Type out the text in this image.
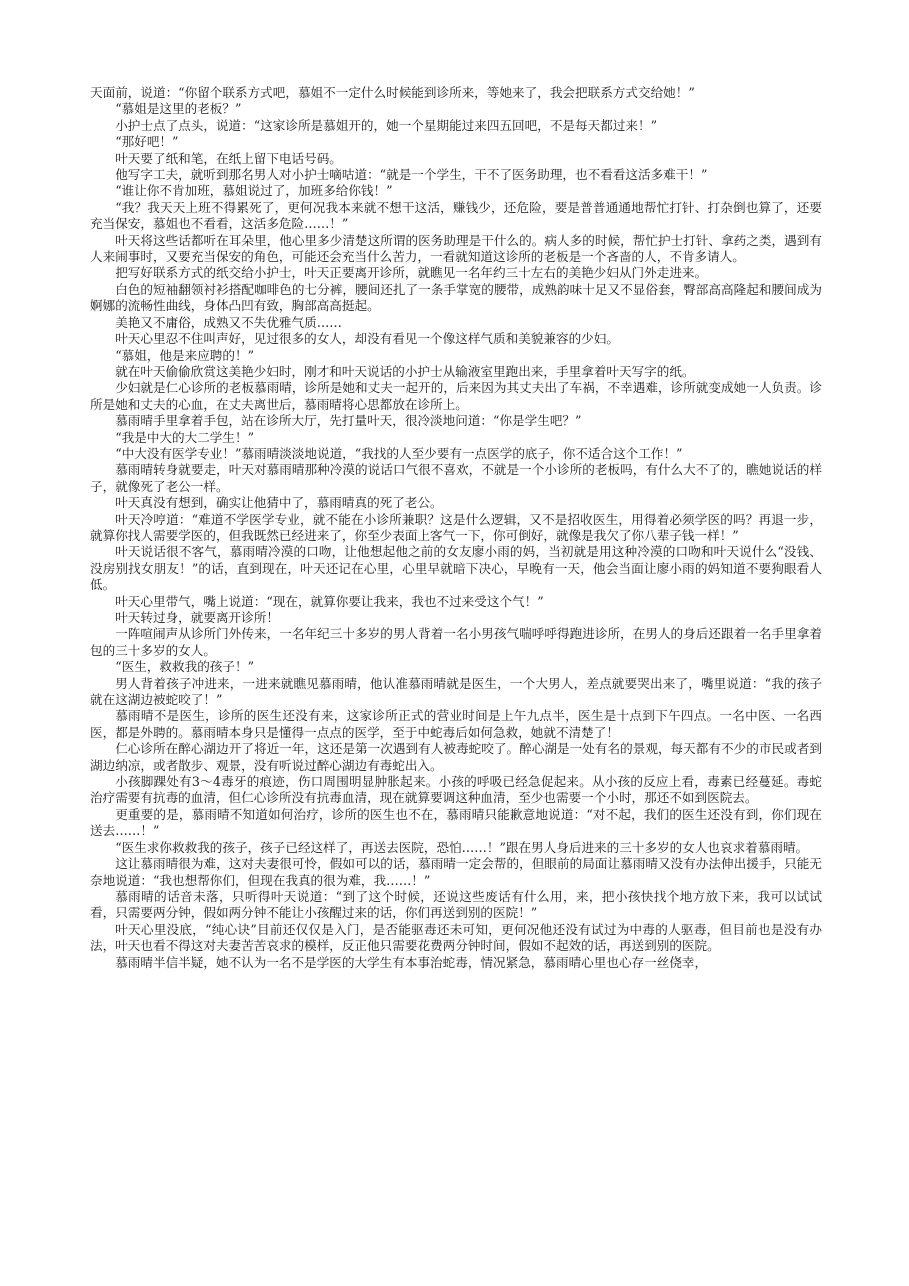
天面前，说道：“你留个联系方式吧，慕姐不一定什么时候能到诊所来，等她来了，我会把联系方式交给她！”

“慕姐是这里的老板？”

小护士点了点头，说道：“这家诊所是慕姐开的，她一个星期能过来四五回吧，不是每天都过来！”

“那好吧！”

叶天要了纸和笔，在纸上留下电话号码。

他写字工夫，就听到那名男人对小护士嘀咕道：“就是一个学生，干不了医务助理，也不看看这活多难干！”

“谁让你不肯加班，慕姐说过了，加班多给你钱！”

“我？我天天上班不得累死了，更何况我本来就不想干这活，赚钱少，还危险，要是普普通通地帮忙打针、打杂倒也算了，还要充当保安，慕姐也不看看，这活多危险……！”

叶天将这些话都听在耳朵里，他心里多少清楚这所谓的医务助理是干什么的。病人多的时候，帮忙护士打针、拿药之类，遇到有人来闹事时，又要充当保安的角色，可能还会充当什么苦力，一看就知道这诊所的老板是一个吝啬的人，不肯多请人。

把写好联系方式的纸交给小护士，叶天正要离开诊所，就瞧见一名年约三十左右的美艳少妇从门外走进来。

白色的短袖翻领衬衫搭配咖啡色的七分裤，腰间还扎了一条手掌宽的腰带，成熟韵味十足又不显俗套，臀部高高隆起和腰间成为婀娜的流畅性曲线，身体凸凹有致，胸部高高挺起。

美艳又不庸俗，成熟又不失优雅气质……

叶天心里忍不住叫声好，见过很多的女人，却没有看见一个像这样气质和美貌兼容的少妇。

“慕姐，他是来应聘的！”

就在叶天偷偷欣赏这美艳少妇时，刚才和叶天说话的小护士从输液室里跑出来，手里拿着叶天写字的纸。

少妇就是仁心诊所的老板慕雨晴，诊所是她和丈夫一起开的，后来因为其丈夫出了车祸，不幸遇难，诊所就变成她一人负责。诊所是她和丈夫的心血，在丈夫离世后，慕雨晴将心思都放在诊所上。

慕雨晴手里拿着手包，站在诊所大厅，先打量叶天，很冷淡地问道：“你是学生吧？”

“我是中大的大二学生！”

“中大没有医学专业！”慕雨晴淡淡地说道，“我找的人至少要有一点医学的底子，你不适合这个工作！”

慕雨晴转身就要走，叶天对慕雨晴那种冷漠的说话口气很不喜欢，不就是一个小诊所的老板吗，有什么大不了的，瞧她说话的样子，就像死了老公一样。

叶天真没有想到，确实让他猜中了，慕雨晴真的死了老公。

叶天冷哼道：“难道不学医学专业，就不能在小诊所兼职？这是什么逻辑，又不是招收医生，用得着必须学医的吗？再退一步，就算你找人需要学医的，但我既然已经进来了，你至少表面上客气一下，你可倒好，就像是我欠了你八辈子钱一样！”

叶天说话很不客气，慕雨晴冷漠的口吻，让他想起他之前的女友廖小雨的妈，当初就是用这种冷漠的口吻和叶天说什么“没钱、没房别找女朋友！”的话，直到现在，叶天还记在心里，心里早就暗下决心，早晚有一天，他会当面让廖小雨的妈知道不要狗眼看人低。

叶天心里带气，嘴上说道：“现在，就算你要让我来，我也不过来受这个气！”

叶天转过身，就要离开诊所！

一阵喧闹声从诊所门外传来，一名年纪三十多岁的男人背着一名小男孩气喘呼呼得跑进诊所，在男人的身后还跟着一名手里拿着包的三十多岁的女人。

“医生，救救我的孩子！”

男人背着孩子冲进来，一进来就瞧见慕雨晴，他认准慕雨晴就是医生，一个大男人，差点就要哭出来了，嘴里说道：“我的孩子就在这湖边被蛇咬了！”

慕雨晴不是医生，诊所的医生还没有来，这家诊所正式的营业时间是上午九点半，医生是十点到下午四点。一名中医、一名西医，都是外聘的。慕雨晴本身只是懂得一点点的医学，至于中蛇毒后如何急救，她就不清楚了！

仁心诊所在醉心湖边开了将近一年，这还是第一次遇到有人被毒蛇咬了。醉心湖是一处有名的景观，每天都有不少的市民或者到湖边纳凉，或者散步、观景，没有听说过醉心湖边有毒蛇出入。

小孩脚踝处有3～4毒牙的痕迹，伤口周围明显肿胀起来。小孩的呼吸已经急促起来。从小孩的反应上看，毒素已经蔓延。毒蛇治疗需要有抗毒的血清，但仁心诊所没有抗毒血清，现在就算要调这种血清，至少也需要一个小时，那还不如到医院去。

更重要的是，慕雨晴不知道如何治疗，诊所的医生也不在，慕雨晴只能歉意地说道：“对不起，我们的医生还没有到，你们现在送去……！”

“医生求你救救我的孩子，孩子已经这样了，再送去医院，恐怕……！”跟在男人身后进来的三十多岁的女人也哀求着慕雨晴。

这让慕雨晴很为难，这对夫妻很可怜，假如可以的话，慕雨晴一定会帮的，但眼前的局面让慕雨晴又没有办法伸出援手，只能无奈地说道：“我也想帮你们，但现在我真的很为难，我……！”

慕雨晴的话音未落，只听得叶天说道：“到了这个时候，还说这些废话有什么用，来，把小孩快找个地方放下来，我可以试试看，只需要两分钟，假如两分钟不能让小孩醒过来的话，你们再送到别的医院！”

叶天心里没底，“纯心诀”目前还仅仅是入门，是否能驱毒还未可知，更何况他还没有试过为中毒的人驱毒，但目前也是没有办法，叶天也看不得这对夫妻苦苦哀求的模样，反正他只需要花费两分钟时间，假如不起效的话，再送到别的医院。

慕雨晴半信半疑，她不认为一名不是学医的大学生有本事治蛇毒，情况紧急，慕雨晴心里也心存一丝侥幸，
